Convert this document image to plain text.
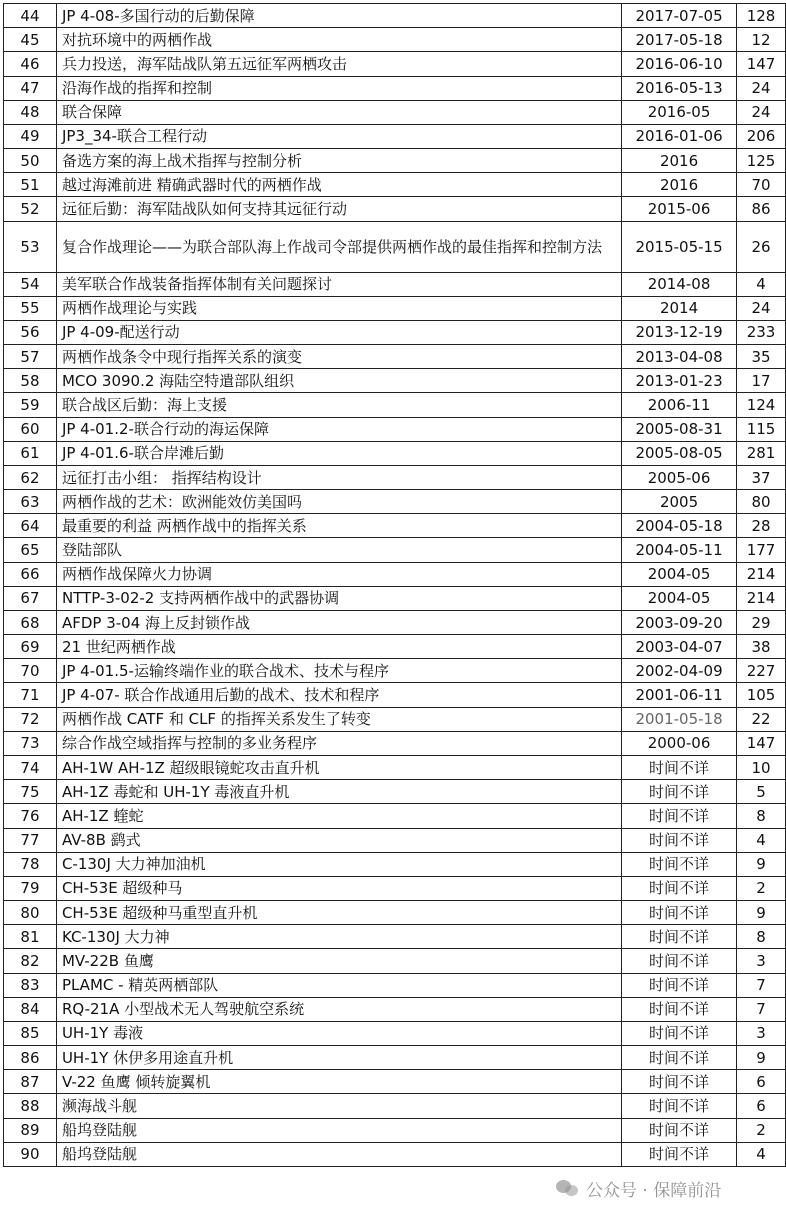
44	JP 4-08-多国行动的后勤保障	2017-07-05	128
45	对抗环境中的两栖作战	2017-05-18	12
46	兵力投送，海军陆战队第五远征军两栖攻击	2016-06-10	147
47	沿海作战的指挥和控制	2016-05-13	24
48	联合保障	2016-05	24
49	JP3_34-联合工程行动	2016-01-06	206
50	备选方案的海上战术指挥与控制分析	2016	125
51	越过海滩前进 精确武器时代的两栖作战	2016	70
52	远征后勤：海军陆战队如何支持其远征行动	2015-06	86
53	复合作战理论——为联合部队海上作战司令部提供两栖作战的最佳指挥和控制方法	2015-05-15	26
54	美军联合作战装备指挥体制有关问题探讨	2014-08	4
55	两栖作战理论与实践	2014	24
56	JP 4-09-配送行动	2013-12-19	233
57	两栖作战条令中现行指挥关系的演变	2013-04-08	35
58	MCO 3090.2 海陆空特遣部队组织	2013-01-23	17
59	联合战区后勤：海上支援	2006-11	124
60	JP 4-01.2-联合行动的海运保障	2005-08-31	115
61	JP 4-01.6-联合岸滩后勤	2005-08-05	281
62	远征打击小组： 指挥结构设计	2005-06	37
63	两栖作战的艺术：欧洲能效仿美国吗	2005	80
64	最重要的利益 两栖作战中的指挥关系	2004-05-18	28
65	登陆部队	2004-05-11	177
66	两栖作战保障火力协调	2004-05	214
67	NTTP-3-02-2 支持两栖作战中的武器协调	2004-05	214
68	AFDP 3-04 海上反封锁作战	2003-09-20	29
69	21 世纪两栖作战	2003-04-07	38
70	JP 4-01.5-运输终端作业的联合战术、技术与程序	2002-04-09	227
71	JP 4-07- 联合作战通用后勤的战术、技术和程序	2001-06-11	105
72	两栖作战 CATF 和 CLF 的指挥关系发生了转变	2001-05-18	22
73	综合作战空域指挥与控制的多业务程序	2000-06	147
74	AH-1W AH-1Z 超级眼镜蛇攻击直升机	时间不详	10
75	AH-1Z 毒蛇和 UH-1Y 毒液直升机	时间不详	5
76	AH-1Z 蝰蛇	时间不详	8
77	AV-8B 鹞式	时间不详	4
78	C-130J 大力神加油机	时间不详	9
79	CH-53E 超级种马	时间不详	2
80	CH-53E 超级种马重型直升机	时间不详	9
81	KC-130J 大力神	时间不详	8
82	MV-22B 鱼鹰	时间不详	3
83	PLAMC - 精英两栖部队	时间不详	7
84	RQ-21A 小型战术无人驾驶航空系统	时间不详	7
85	UH-1Y 毒液	时间不详	3
86	UH-1Y 休伊多用途直升机	时间不详	9
87	V-22 鱼鹰 倾转旋翼机	时间不详	6
88	濒海战斗舰	时间不详	6
89	船坞登陆舰	时间不详	2
90	船坞登陆舰	时间不详	4
公众号 · 保障前沿
